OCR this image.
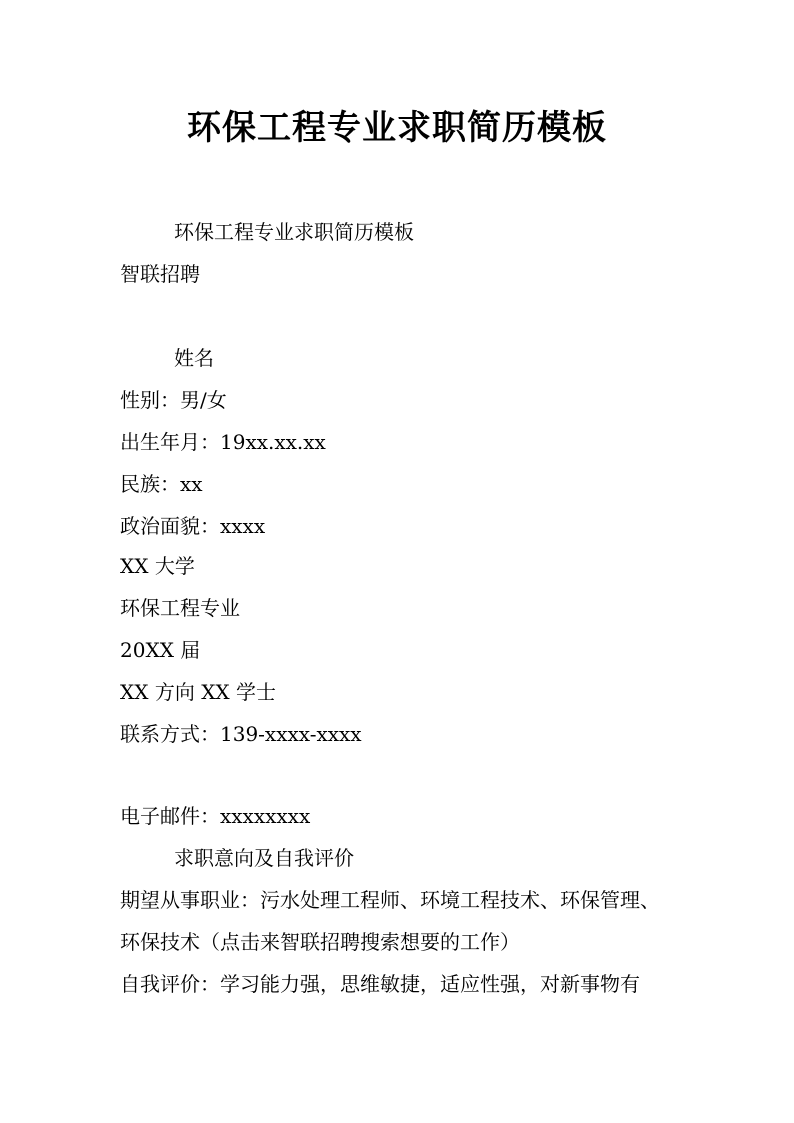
环保工程专业求职简历模板
环保工程专业求职简历模板
智联招聘
姓名
性别：男/女
出生年月：19xx.xx.xx
民族：xx
政治面貌：xxxx
XX 大学
环保工程专业
20XX 届
XX 方向 XX 学士
联系方式：139-xxxx-xxxx
电子邮件：xxxxxxxx
求职意向及自我评价
期望从事职业：污水处理工程师、环境工程技术、环保管理、
环保技术（点击来智联招聘搜索想要的工作）
自我评价：学习能力强，思维敏捷，适应性强，对新事物有
